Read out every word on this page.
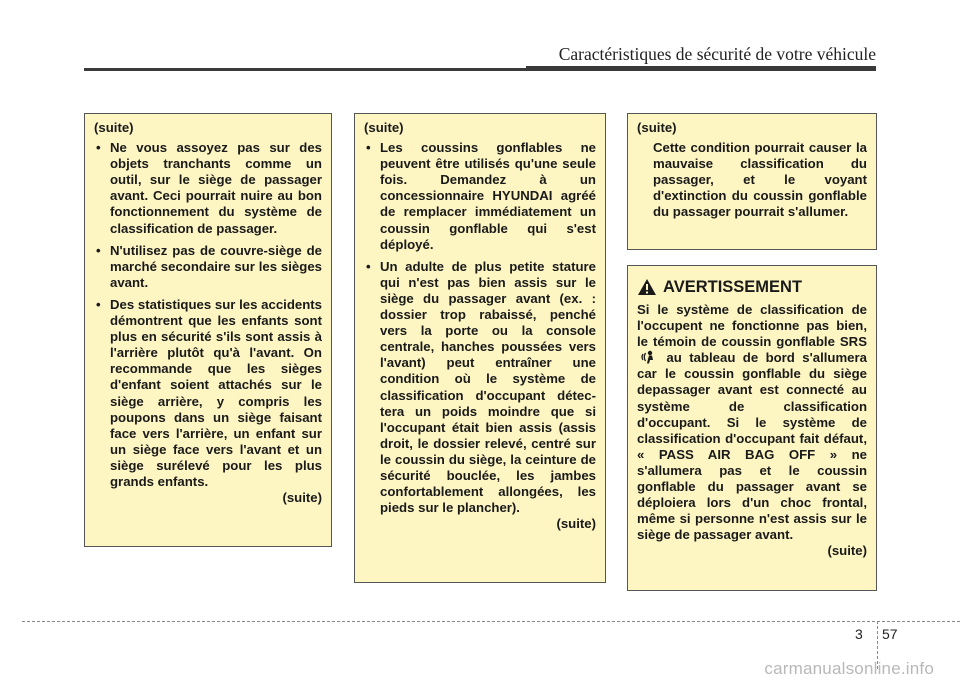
Caractéristiques de sécurité de votre véhicule
(suite)
• Ne vous assoyez pas sur des objets tranchants comme un outil, sur le siège de passager avant. Ceci pourrait nuire au bon fonctionnement du système de classification de passager.
• N'utilisez pas de couvre-siège de marché secondaire sur les sièges avant.
• Des statistiques sur les accidents démontrent que les enfants sont plus en sécurité s'ils sont assis à l'arrière plutôt qu'à l'avant. On recommande que les sièges d'enfant soient attachés sur le siège arrière, y compris les poupons dans un siège faisant face vers l'arrière, un enfant sur un siège face vers l'avant et un siège surélevé pour les plus grands enfants.
(suite)
(suite)
• Les coussins gonflables ne peuvent être utilisés qu'une seule fois. Demandez à un concessionnaire HYUNDAI agréé de remplacer immédiatement un coussin gonflable qui s'est déployé.
• Un adulte de plus petite stature qui n'est pas bien assis sur le siège du passager avant (ex. : dossier trop rabaissé, penché vers la porte ou la console centrale, hanches poussées vers l'avant) peut entraîner une condition où le système de classification d'occupant détec-tera un poids moindre que si l'occupant était bien assis (assis droit, le dossier relevé, centré sur le coussin du siège, la ceinture de sécurité bouclée, les jambes confortablement allongées, les pieds sur le plancher).
(suite)
(suite)
Cette condition pourrait causer la mauvaise classification du passager, et le voyant d'extinction du coussin gonflable du passager pourrait s'allumer.
AVERTISSEMENT
Si le système de classification de l'occupent ne fonctionne pas bien, le témoin de coussin gonflable SRS  au tableau de bord s'allumera car le coussin gonflable du siège depassager avant est connecté au système de classification d'occupant. Si le système de classification d'occupant fait défaut, « PASS AIR BAG OFF » ne s'allumera pas et le coussin gonflable du passager avant se déploiera lors d'un choc frontal, même si personne n'est assis sur le siège de passager avant.
(suite)
3 57
carmanualsonline.info
